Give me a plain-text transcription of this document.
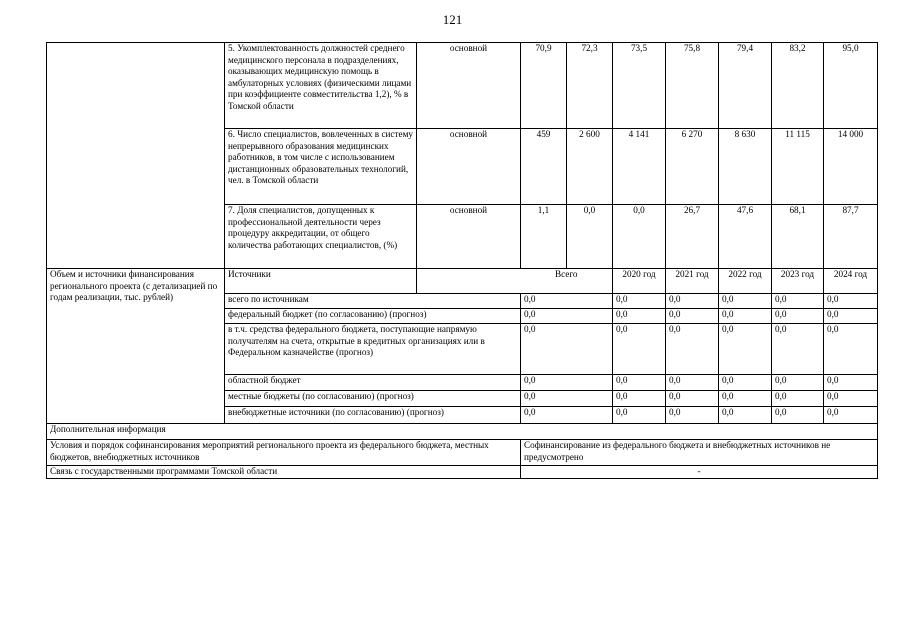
121
	5. Укомплектованность должностей среднего медицинского персонала в подразделениях, оказывающих медицинскую помощь в амбулаторных условиях (физическими лицами при коэффициенте совместительства 1,2), % в Томской области	основной	70,9	72,3	73,5	75,8	79,4	83,2	95,0
	6. Число специалистов, вовлеченных в систему непрерывного образования медицинских работников, в том числе с использованием дистанционных образовательных технологий, чел. в Томской области	основной	459	2 600	4 141	6 270	8 630	11 115	14 000
	7. Доля специалистов, допущенных к профессиональной деятельности через процедуру аккредитации, от общего количества работающих специалистов, (%)	основной	1,1	0,0	0,0	26,7	47,6	68,1	87,7
Объем и источники финансирования регионального проекта (с детализацией по годам реализации, тыс. рублей)	Источники		Всего		2020 год	2021 год	2022 год	2023 год	2024 год
	всего по источникам		0,0		0,0	0,0	0,0	0,0	0,0
	федеральный бюджет (по согласованию) (прогноз)		0,0		0,0	0,0	0,0	0,0	0,0
	в т.ч. средства федерального бюджета, поступающие напрямую получателям на счета, открытые в кредитных организациях или в Федеральном казначействе (прогноз)		0,0		0,0	0,0	0,0	0,0	0,0
	областной бюджет		0,0		0,0	0,0	0,0	0,0	0,0
	местные бюджеты (по согласованию) (прогноз)		0,0		0,0	0,0	0,0	0,0	0,0
	внебюджетные источники (по согласованию) (прогноз)		0,0		0,0	0,0	0,0	0,0	0,0
Дополнительная информация									
Условия и порядок софинансирования мероприятий регионального проекта из федерального бюджета, местных бюджетов, внебюджетных источников			Софинансирование из федерального бюджета и внебюджетных источников не предусмотрено						
Связь с государственными программами Томской области			-						
